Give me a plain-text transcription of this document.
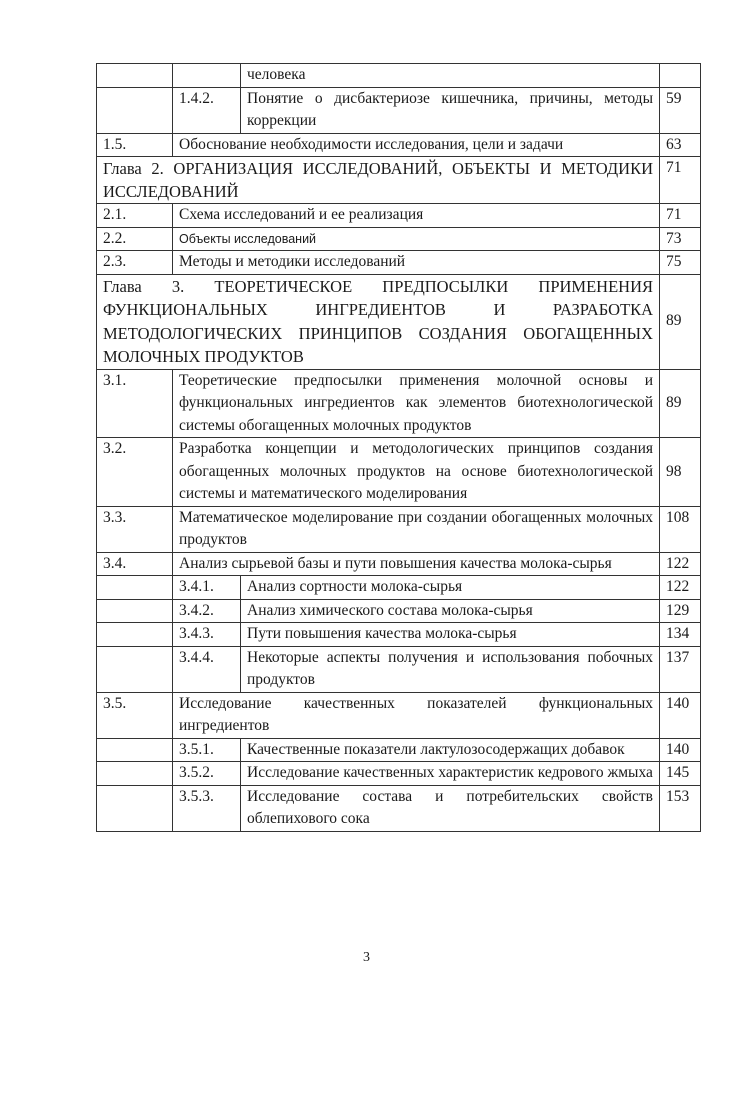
		человека	
	1.4.2.	Понятие о дисбактериозе кишечника, причины, методы коррекции	59
1.5.	Обоснование необходимости исследования, цели и задачи		63
Глава 2. ОРГАНИЗАЦИЯ ИССЛЕДОВАНИЙ, ОБЪЕКТЫ И МЕТОДИКИ ИССЛЕДОВАНИЙ			71
2.1.	Схема исследований и ее реализация		71
2.2.	Объекты исследований		73
2.3.	Методы и методики исследований		75
Глава 3. ТЕОРЕТИЧЕСКОЕ ПРЕДПОСЫЛКИ ПРИМЕНЕНИЯ ФУНКЦИОНАЛЬНЫХ ИНГРЕДИЕНТОВ И РАЗРАБОТКА МЕТОДОЛОГИЧЕСКИХ ПРИНЦИПОВ СОЗДАНИЯ ОБОГАЩЕННЫХ МОЛОЧНЫХ ПРОДУКТОВ			89
3.1.	Теоретические предпосылки применения молочной основы и функциональных ингредиентов как элементов биотехнологической системы обогащенных молочных продуктов		89
3.2.	Разработка концепции и методологических принципов создания обогащенных молочных продуктов на основе биотехнологической системы и математического моделирования		98
3.3.	Математическое моделирование при создании обогащенных молочных продуктов		108
3.4.	Анализ сырьевой базы и пути повышения качества молока-сырья		122
	3.4.1.	Анализ сортности молока-сырья	122
	3.4.2.	Анализ химического состава молока-сырья	129
	3.4.3.	Пути повышения качества молока-сырья	134
	3.4.4.	Некоторые аспекты получения и использования побочных продуктов	137
3.5.	Исследование качественных показателей функциональных ингредиентов		140
	3.5.1.	Качественные показатели лактулозосодержащих добавок	140
	3.5.2.	Исследование качественных характеристик кедрового жмыха	145
	3.5.3.	Исследование состава и потребительских свойств облепихового сока	153
3
